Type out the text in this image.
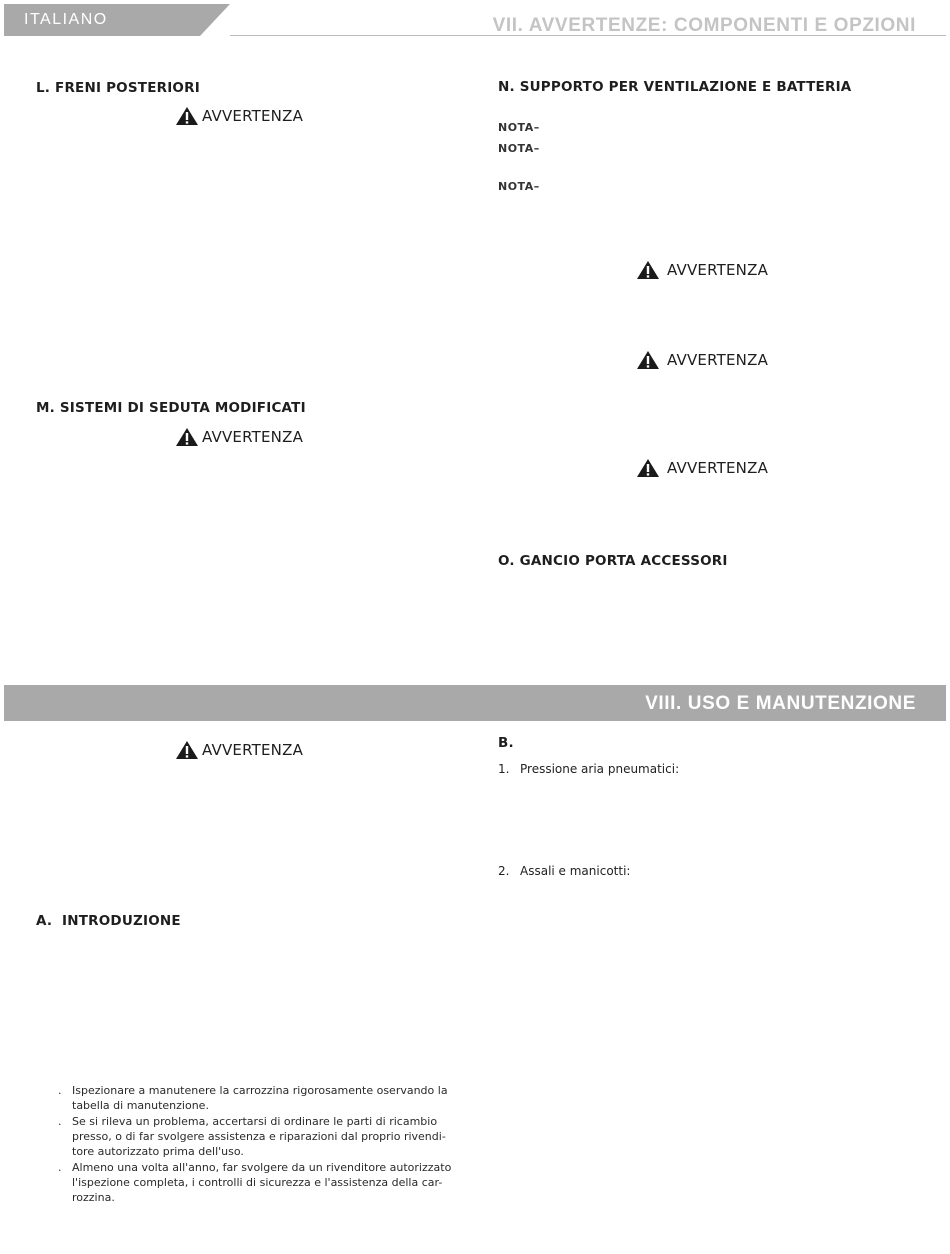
ITALIANO	VII. AVVERTENZE: COMPONENTI E OPZIONI
L. FRENI POSTERIORI
AVVERTENZA
M. SISTEMI DI SEDUTA MODIFICATI
AVVERTENZA
N. SUPPORTO PER VENTILAZIONE E BATTERIA
NOTA–
NOTA–
NOTA–
AVVERTENZA
AVVERTENZA
AVVERTENZA
O. GANCIO PORTA ACCESSORI
VIII. USO E MANUTENZIONE
AVVERTENZA
A.  INTRODUZIONE
. Ispezionare a manutenere la carrozzina rigorosamente oservando la tabella di manutenzione.
. Se si rileva un problema, accertarsi di ordinare le parti di ricambio presso, o di far svolgere assistenza e riparazioni dal proprio rivendi-tore autorizzato prima dell'uso.
. Almeno una volta all'anno, far svolgere da un rivenditore autorizzato l'ispezione completa, i controlli di sicurezza e l'assistenza della car-rozzina.
B.
1. Pressione aria pneumatici:
2. Assali e manicotti:
